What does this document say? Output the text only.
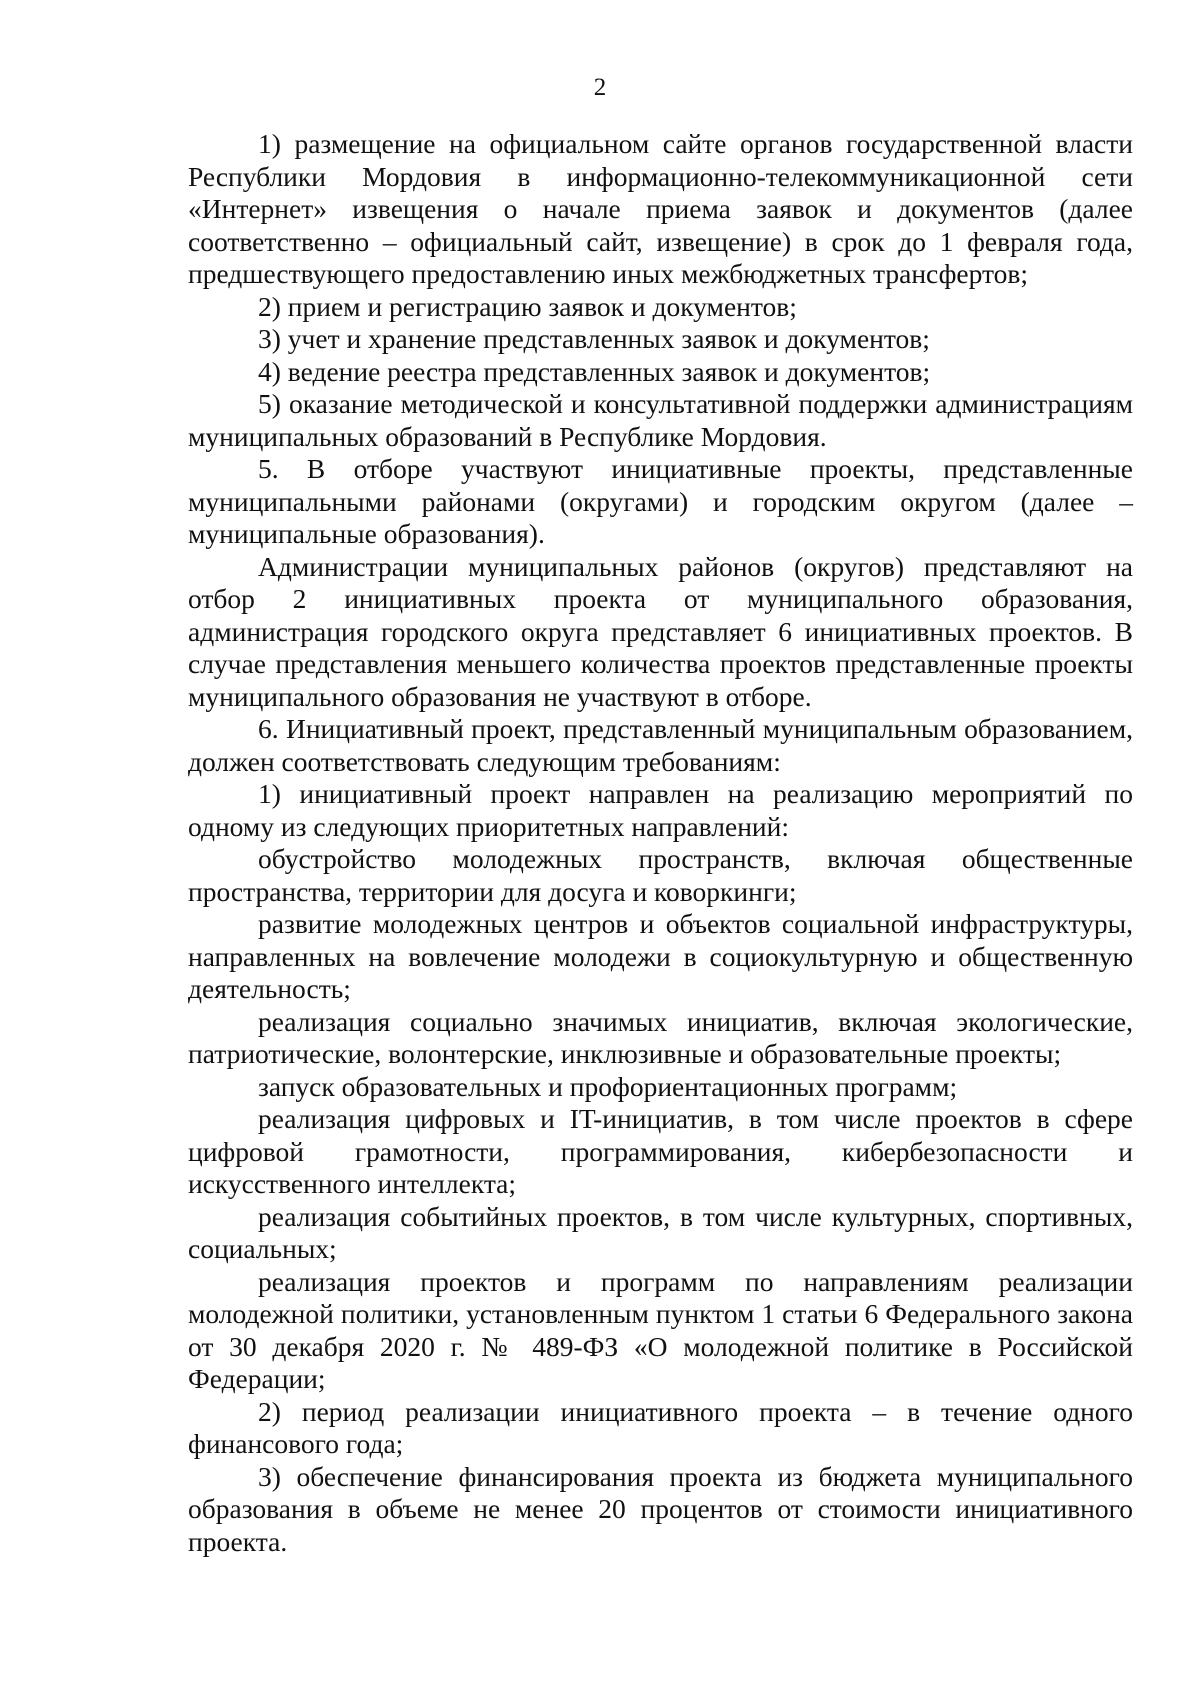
2

1) размещение на официальном сайте органов государственной власти Республики Мордовия в информационно-телекоммуникационной сети «Интернет» извещения о начале приема заявок и документов (далее соответственно – официальный сайт, извещение) в срок до 1 февраля года, предшествующего предоставлению иных межбюджетных трансфертов;

2) прием и регистрацию заявок и документов;

3) учет и хранение представленных заявок и документов;

4) ведение реестра представленных заявок и документов;

5) оказание методической и консультативной поддержки администрациям муниципальных образований в Республике Мордовия.

5. В отборе участвуют инициативные проекты, представленные муниципальными районами (округами) и городским округом (далее – муниципальные образования).

Администрации муниципальных районов (округов) представляют на отбор 2 инициативных проекта от муниципального образования, администрация городского округа представляет 6 инициативных проектов. В случае представления меньшего количества проектов представленные проекты муниципального образования не участвуют в отборе.

6. Инициативный проект, представленный муниципальным образованием, должен соответствовать следующим требованиям:

1) инициативный проект направлен на реализацию мероприятий по одному из следующих приоритетных направлений:

обустройство молодежных пространств, включая общественные пространства, территории для досуга и коворкинги;

развитие молодежных центров и объектов социальной инфраструктуры, направленных на вовлечение молодежи в социокультурную и общественную деятельность;

реализация социально значимых инициатив, включая экологические, патриотические, волонтерские, инклюзивные и образовательные проекты;

запуск образовательных и профориентационных программ;

реализация цифровых и IT-инициатив, в том числе проектов в сфере цифровой грамотности, программирования, кибербезопасности и искусственного интеллекта;

реализация событийных проектов, в том числе культурных, спортивных, социальных;

реализация проектов и программ по направлениям реализации молодежной политики, установленным пунктом 1 статьи 6 Федерального закона от 30 декабря 2020 г. № 489-ФЗ «О молодежной политике в Российской Федерации;

2) период реализации инициативного проекта – в течение одного финансового года;

3) обеспечение финансирования проекта из бюджета муниципального образования в объеме не менее 20 процентов от стоимости инициативного проекта.
